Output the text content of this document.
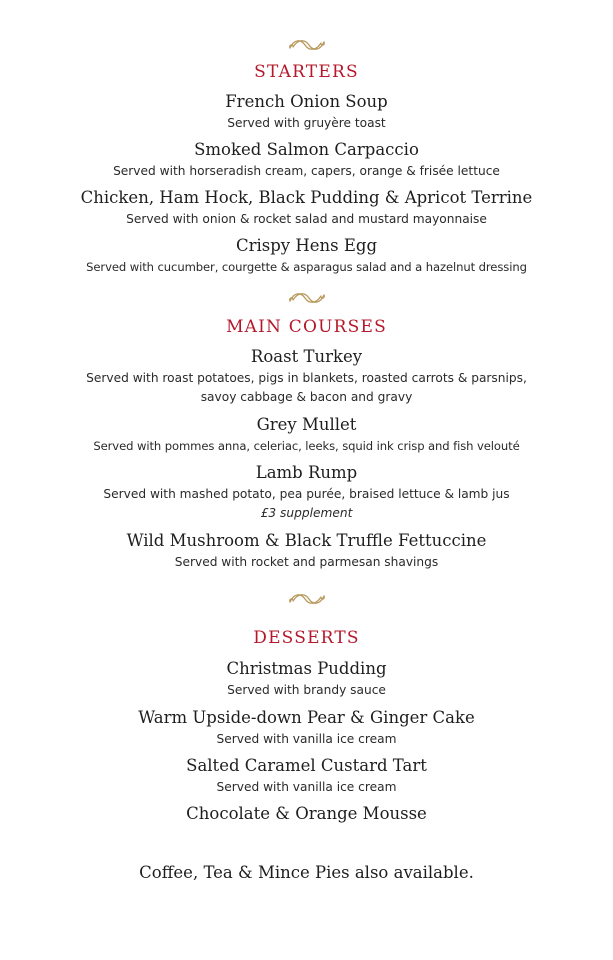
STARTERS
French Onion Soup
Served with gruyère toast
Smoked Salmon Carpaccio
Served with horseradish cream, capers, orange & frisée lettuce
Chicken, Ham Hock, Black Pudding & Apricot Terrine
Served with onion & rocket salad and mustard mayonnaise
Crispy Hens Egg
Served with cucumber, courgette & asparagus salad and a hazelnut dressing
MAIN COURSES
Roast Turkey
Served with roast potatoes, pigs in blankets, roasted carrots & parsnips,
savoy cabbage & bacon and gravy
Grey Mullet
Served with pommes anna, celeriac, leeks, squid ink crisp and fish velouté
Lamb Rump
Served with mashed potato, pea purée, braised lettuce & lamb jus
£3 supplement
Wild Mushroom & Black Truffle Fettuccine
Served with rocket and parmesan shavings
DESSERTS
Christmas Pudding
Served with brandy sauce
Warm Upside-down Pear & Ginger Cake
Served with vanilla ice cream
Salted Caramel Custard Tart
Served with vanilla ice cream
Chocolate & Orange Mousse
Coffee, Tea & Mince Pies also available.
